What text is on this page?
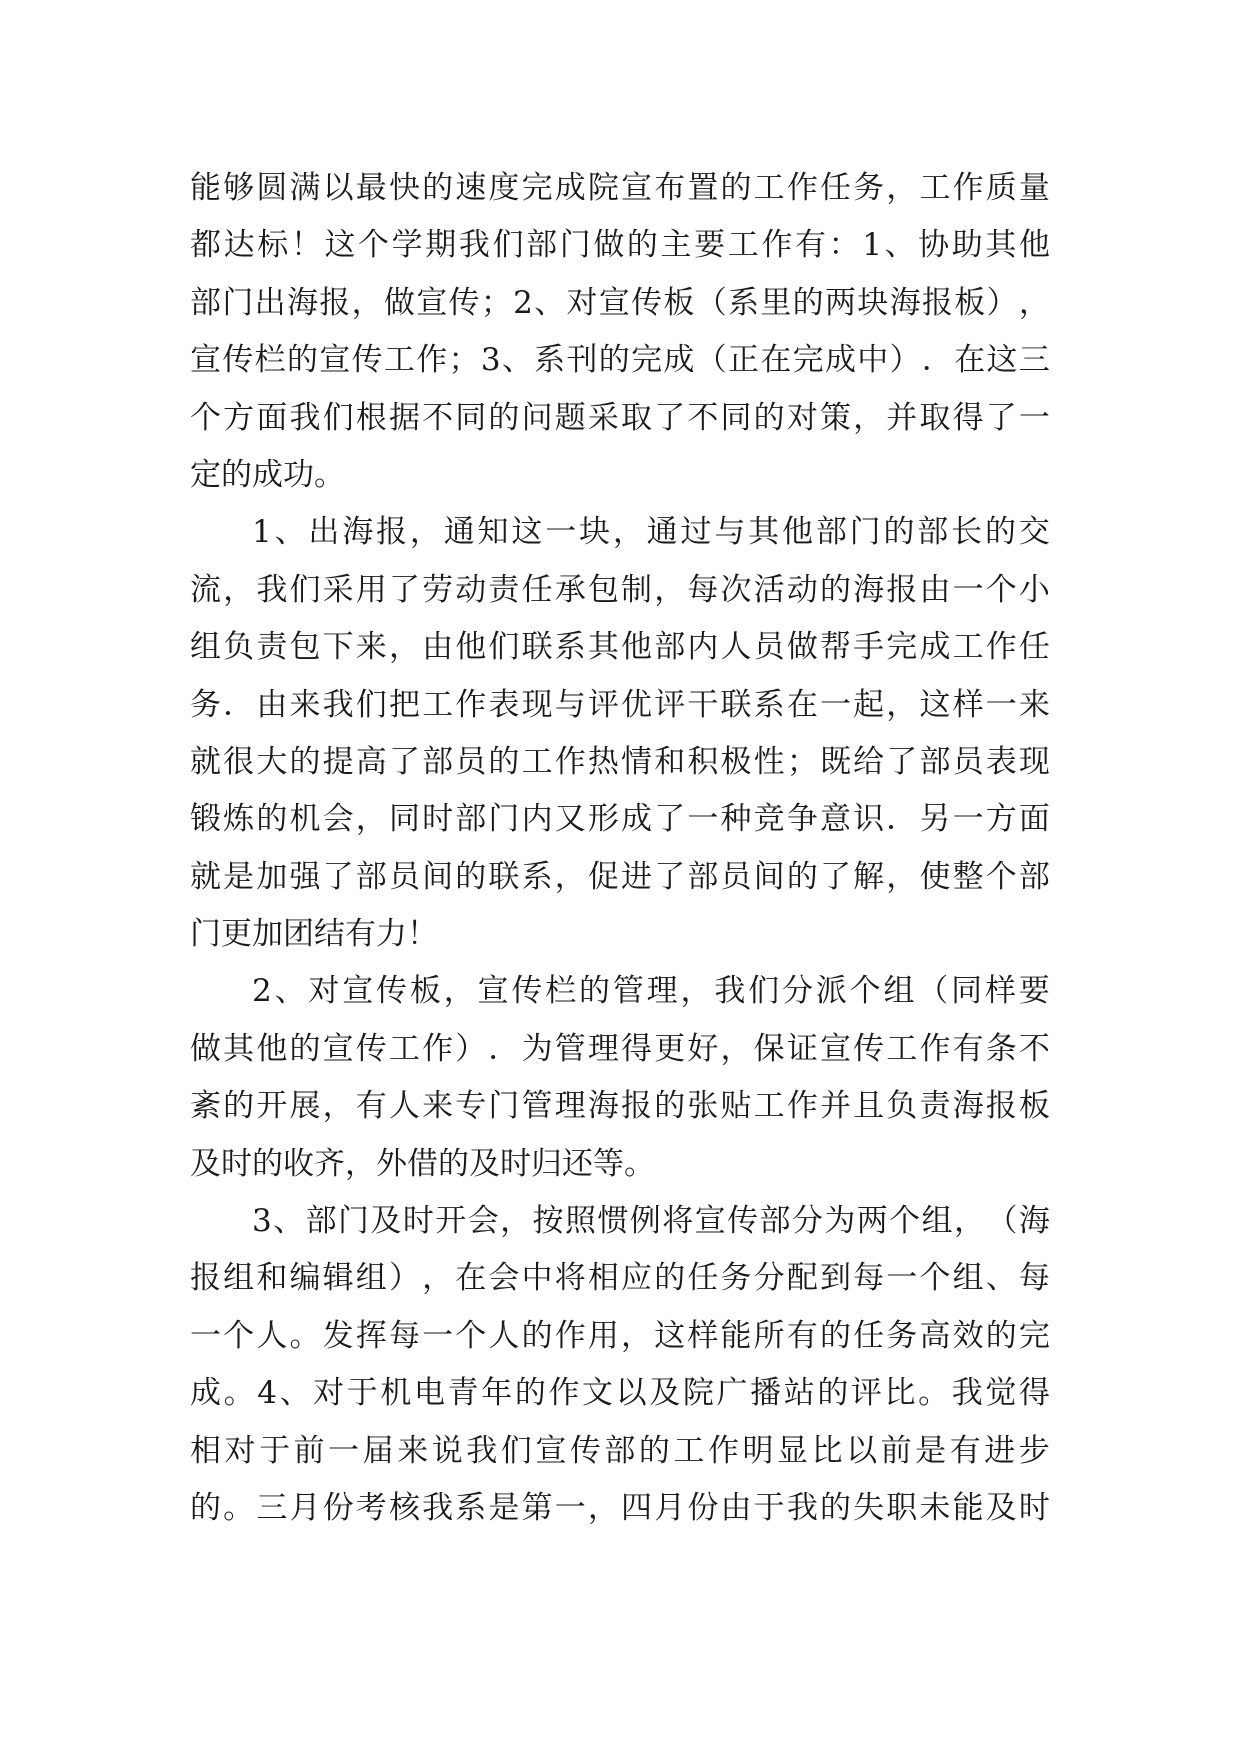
能 够 圆 满 以 最 快 的 速 度 完 成 院 宣 布 置 的 工 作 任 务 ， 工 作 质 量
都 达 标 ！ 这 个 学 期 我 们 部 门 做 的 主 要 工 作 有 ： 1 、 协 助 其 他
部 门 出 海 报 ， 做 宣 传 ； 2 、 对 宣 传 板 （ 系 里 的 两 块 海 报 板 ） ，
宣 传 栏 的 宣 传 工 作 ； 3 、 系 刊 的 完 成 （ 正 在 完 成 中 ） ． 在 这 三
个 方 面 我 们 根 据 不 同 的 问 题 采 取 了 不 同 的 对 策 ， 并 取 得 了 一
定的成功。
1 、 出 海 报 ， 通 知 这 一 块 ， 通 过 与 其 他 部 门 的 部 长 的 交
流 ， 我 们 采 用 了 劳 动 责 任 承 包 制 ， 每 次 活 动 的 海 报 由 一 个 小
组 负 责 包 下 来 ， 由 他 们 联 系 其 他 部 内 人 员 做 帮 手 完 成 工 作 任
务 ． 由 来 我 们 把 工 作 表 现 与 评 优 评 干 联 系 在 一 起 ， 这 样 一 来
就 很 大 的 提 高 了 部 员 的 工 作 热 情 和 积 极 性 ； 既 给 了 部 员 表 现
锻 炼 的 机 会 ， 同 时 部 门 内 又 形 成 了 一 种 竞 争 意 识 ． 另 一 方 面
就 是 加 强 了 部 员 间 的 联 系 ， 促 进 了 部 员 间 的 了 解 ， 使 整 个 部
门更加团结有力！
2 、 对 宣 传 板 ， 宣 传 栏 的 管 理 ， 我 们 分 派 个 组 （ 同 样 要
做 其 他 的 宣 传 工 作 ） ． 为 管 理 得 更 好 ， 保 证 宣 传 工 作 有 条 不
紊 的 开 展 ， 有 人 来 专 门 管 理 海 报 的 张 贴 工 作 并 且 负 责 海 报 板
及时的收齐，外借的及时归还等。
3 、 部 门 及 时 开 会 ， 按 照 惯 例 将 宣 传 部 分 为 两 个 组 ， （ 海
报 组 和 编 辑 组 ） ， 在 会 中 将 相 应 的 任 务 分 配 到 每 一 个 组 、 每
一 个 人 。 发 挥 每 一 个 人 的 作 用 ， 这 样 能 所 有 的 任 务 高 效 的 完
成 。 4 、 对 于 机 电 青 年 的 作 文 以 及 院 广 播 站 的 评 比 。 我 觉 得
相 对 于 前 一 届 来 说 我 们 宣 传 部 的 工 作 明 显 比 以 前 是 有 进 步
的 。 三 月 份 考 核 我 系 是 第 一 ， 四 月 份 由 于 我 的 失 职 未 能 及 时
